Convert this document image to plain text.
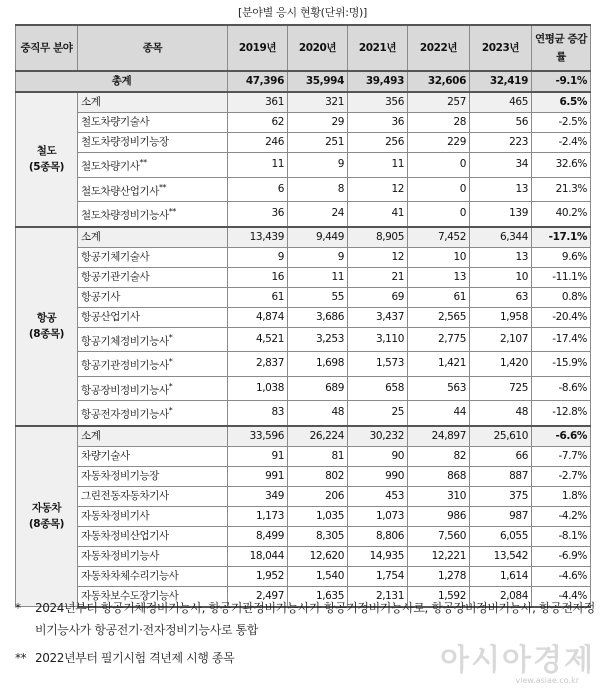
[분야별 응시 현황(단위:명)]
중직무 분야	종목	2019년	2020년	2021년	2022년	2023년	연평균 증감률
총계		47,396	35,994	39,493	32,606	32,419	-9.1%

철도
(5종목)	소계	361	321	356	257	465	6.5%
	철도차량기술사	62	29	36	28	56	-2.5%
	철도차량정비기능장	246	251	256	229	223	-2.4%
	철도차량기사**	11	9	11	0	34	32.6%
	철도차량산업기사**	6	8	12	0	13	21.3%
	철도차량정비기능사**	36	24	41	0	139	40.2%

항공
(8종목)	소계	13,439	9,449	8,905	7,452	6,344	-17.1%
	항공기체기술사	9	9	12	10	13	9.6%
	항공기관기술사	16	11	21	13	10	-11.1%
	항공기사	61	55	69	61	63	0.8%
	항공산업기사	4,874	3,686	3,437	2,565	1,958	-20.4%
	항공기체정비기능사*	4,521	3,253	3,110	2,775	2,107	-17.4%
	항공기관정비기능사*	2,837	1,698	1,573	1,421	1,420	-15.9%
	항공장비정비기능사*	1,038	689	658	563	725	-8.6%
	항공전자정비기능사*	83	48	25	44	48	-12.8%

자동차
(8종목)	소계	33,596	26,224	30,232	24,897	25,610	-6.6%
	차량기술사	91	81	90	82	66	-7.7%
	자동차정비기능장	991	802	990	868	887	-2.7%
	그린전동자동차기사	349	206	453	310	375	1.8%
	자동차정비기사	1,173	1,035	1,073	986	987	-4.2%
	자동차정비산업기사	8,499	8,305	8,806	7,560	6,055	-8.1%
	자동차정비기능사	18,044	12,620	14,935	12,221	13,542	-6.9%
	자동차차체수리기능사	1,952	1,540	1,754	1,278	1,614	-4.6%
	자동차보수도장기능사	2,497	1,635	2,131	1,592	2,084	-4.4%
* 2024년부터 항공기체정비기능사, 항공기관정비기능사가 항공기정비기능사로, 항공장비정비기능사, 항공전자정비기능사가 항공전기·전자정비기능사로 통합
** 2022년부터 필기시험 격년제 시행 종목	아시아경제
view.asiae.co.kr
